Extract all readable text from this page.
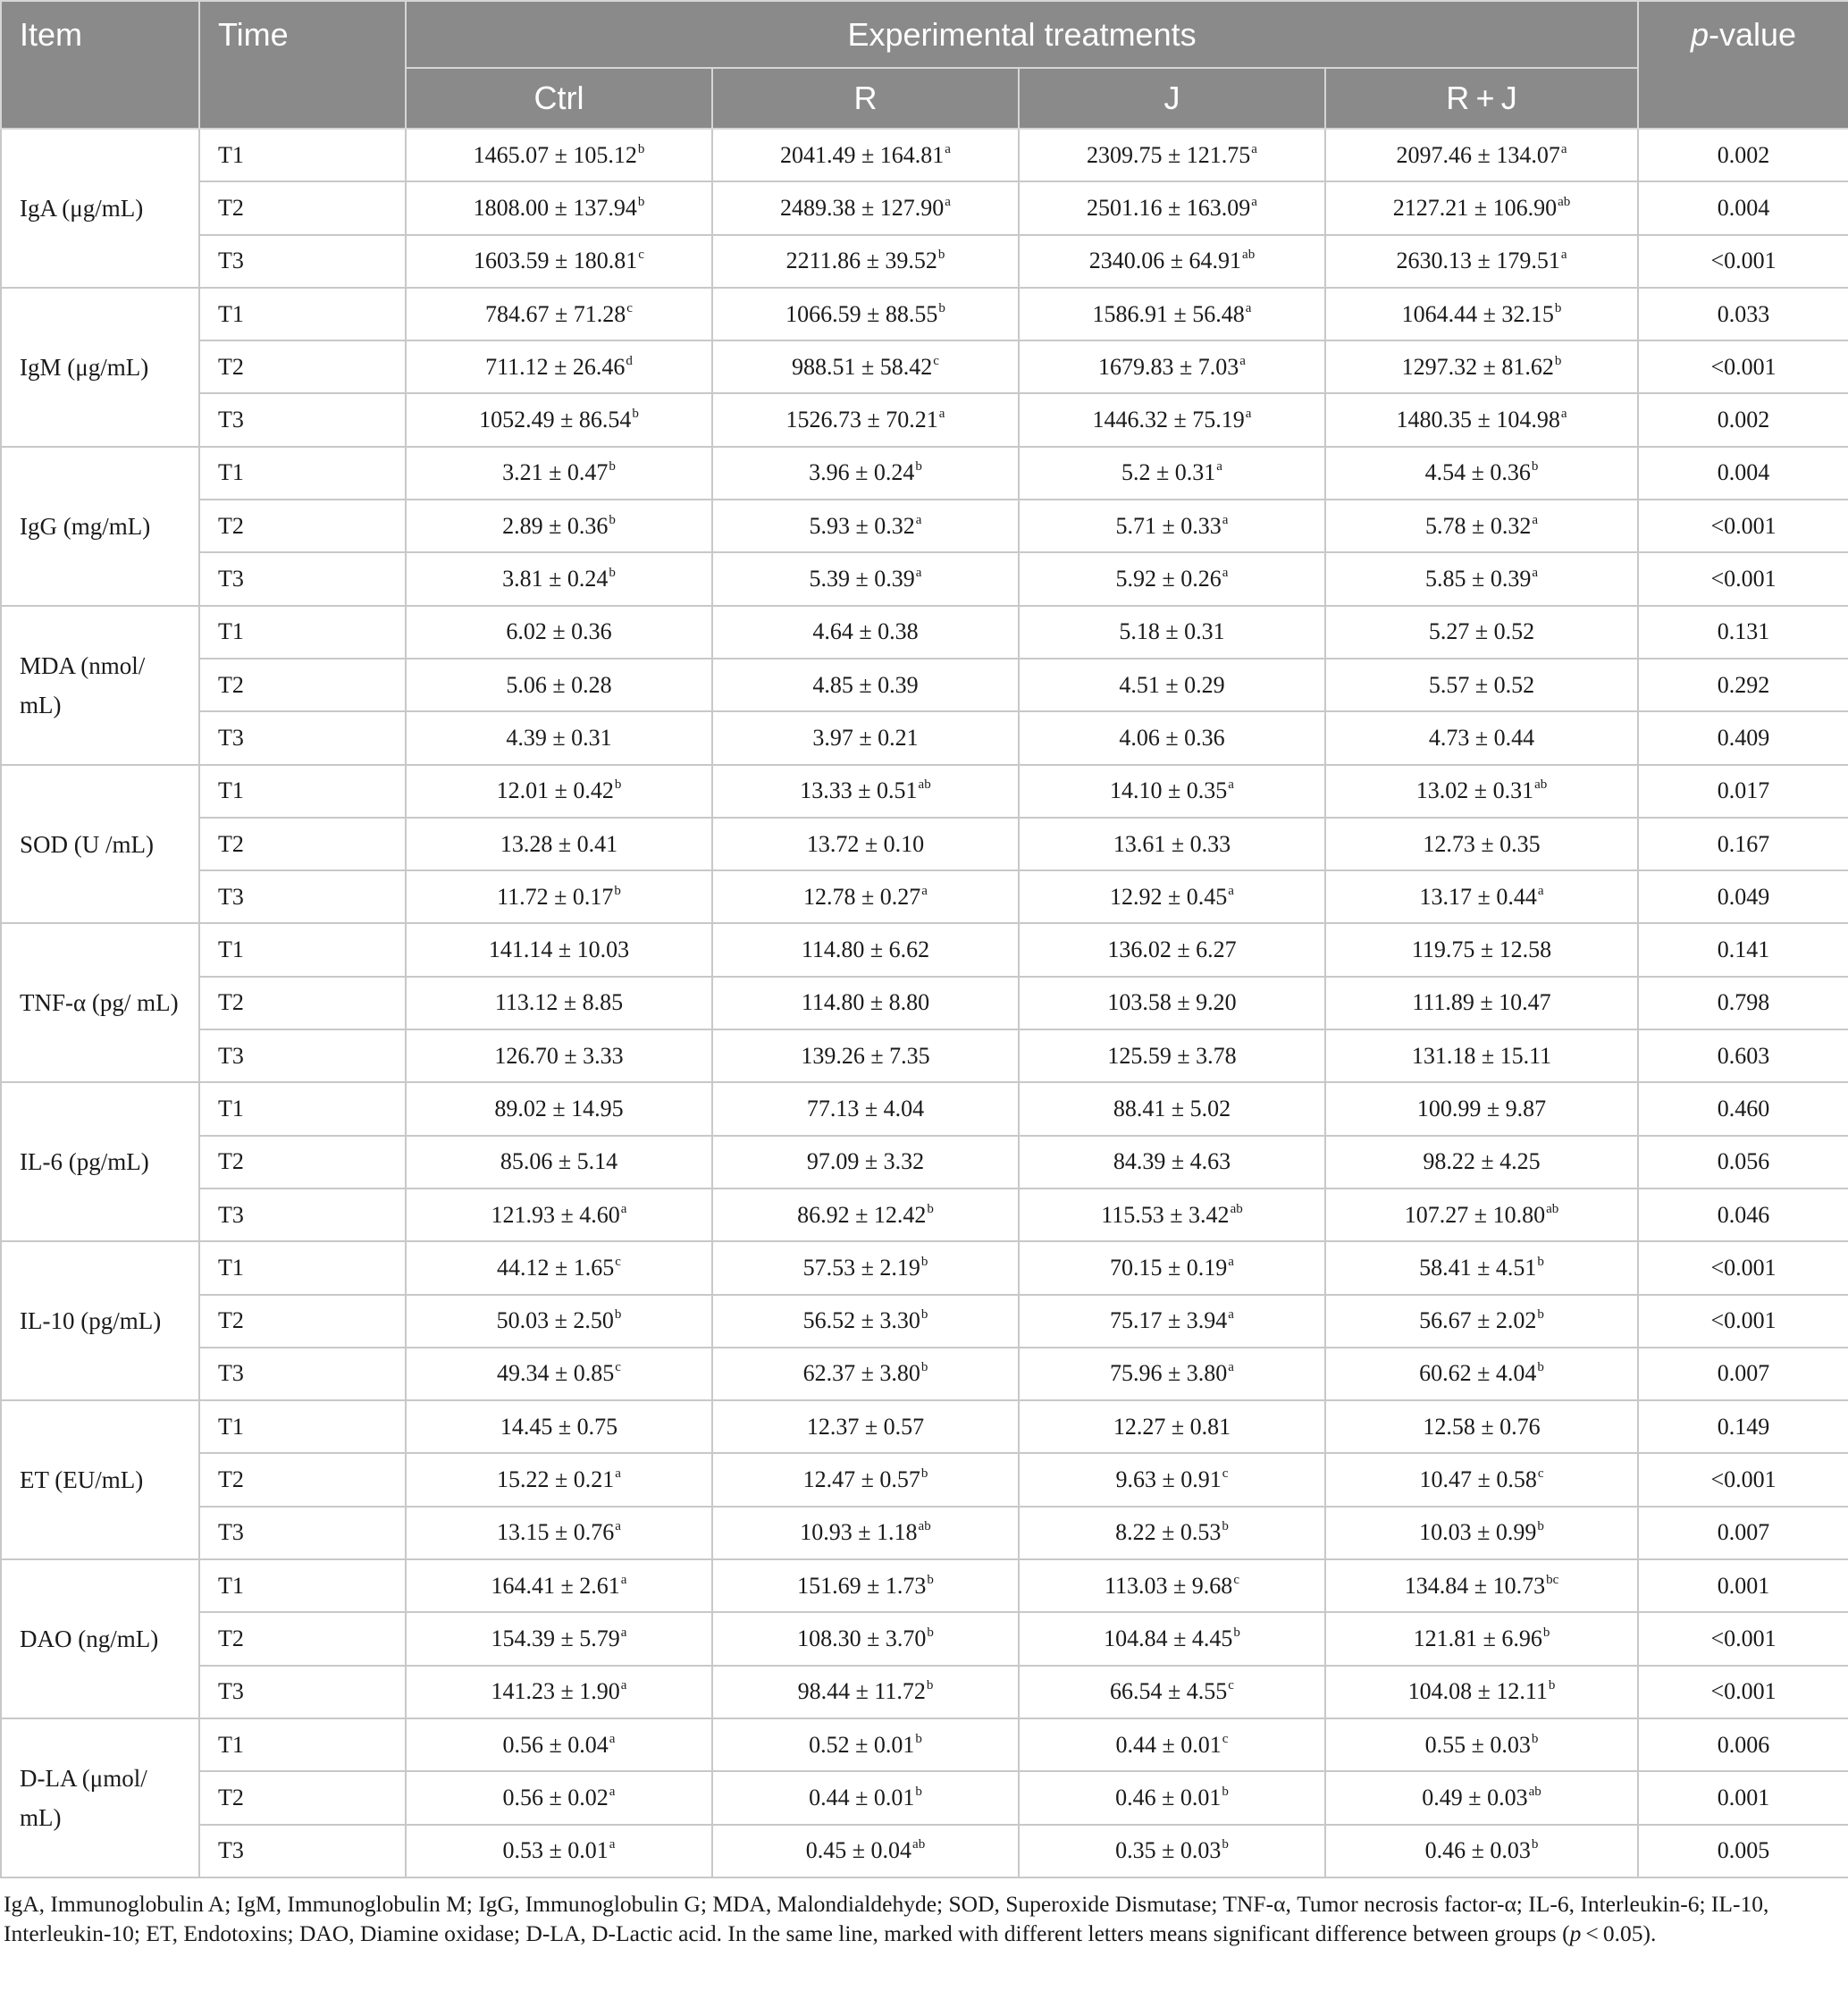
Item	Time	Experimental treatments				p-value
		Ctrl	R	J	R + J	
IgA (μg/mL)	T1	1465.07 ± 105.12$^b$	2041.49 ± 164.81$^a$	2309.75 ± 121.75$^a$	2097.46 ± 134.07$^a$	0.002
	T2	1808.00 ± 137.94$^b$	2489.38 ± 127.90$^a$	2501.16 ± 163.09$^a$	2127.21 ± 106.90$^{ab}$	0.004
	T3	1603.59 ± 180.81$^c$	2211.86 ± 39.52$^b$	2340.06 ± 64.91$^{ab}$	2630.13 ± 179.51$^a$	<0.001
IgM (μg/mL)	T1	784.67 ± 71.28$^c$	1066.59 ± 88.55$^b$	1586.91 ± 56.48$^a$	1064.44 ± 32.15$^b$	0.033
	T2	711.12 ± 26.46$^d$	988.51 ± 58.42$^c$	1679.83 ± 7.03$^a$	1297.32 ± 81.62$^b$	<0.001
	T3	1052.49 ± 86.54$^b$	1526.73 ± 70.21$^a$	1446.32 ± 75.19$^a$	1480.35 ± 104.98$^a$	0.002
IgG (mg/mL)	T1	3.21 ± 0.47$^b$	3.96 ± 0.24$^b$	5.2 ± 0.31$^a$	4.54 ± 0.36$^b$	0.004
	T2	2.89 ± 0.36$^b$	5.93 ± 0.32$^a$	5.71 ± 0.33$^a$	5.78 ± 0.32$^a$	<0.001
	T3	3.81 ± 0.24$^b$	5.39 ± 0.39$^a$	5.92 ± 0.26$^a$	5.85 ± 0.39$^a$	<0.001
MDA (nmol/ mL)	T1	6.02 ± 0.36	4.64 ± 0.38	5.18 ± 0.31	5.27 ± 0.52	0.131
	T2	5.06 ± 0.28	4.85 ± 0.39	4.51 ± 0.29	5.57 ± 0.52	0.292
	T3	4.39 ± 0.31	3.97 ± 0.21	4.06 ± 0.36	4.73 ± 0.44	0.409
SOD (U /mL)	T1	12.01 ± 0.42$^b$	13.33 ± 0.51$^{ab}$	14.10 ± 0.35$^a$	13.02 ± 0.31$^{ab}$	0.017
	T2	13.28 ± 0.41	13.72 ± 0.10	13.61 ± 0.33	12.73 ± 0.35	0.167
	T3	11.72 ± 0.17$^b$	12.78 ± 0.27$^a$	12.92 ± 0.45$^a$	13.17 ± 0.44$^a$	0.049
TNF-α (pg/ mL)	T1	141.14 ± 10.03	114.80 ± 6.62	136.02 ± 6.27	119.75 ± 12.58	0.141
	T2	113.12 ± 8.85	114.80 ± 8.80	103.58 ± 9.20	111.89 ± 10.47	0.798
	T3	126.70 ± 3.33	139.26 ± 7.35	125.59 ± 3.78	131.18 ± 15.11	0.603
IL-6 (pg/mL)	T1	89.02 ± 14.95	77.13 ± 4.04	88.41 ± 5.02	100.99 ± 9.87	0.460
	T2	85.06 ± 5.14	97.09 ± 3.32	84.39 ± 4.63	98.22 ± 4.25	0.056
	T3	121.93 ± 4.60$^a$	86.92 ± 12.42$^b$	115.53 ± 3.42$^{ab}$	107.27 ± 10.80$^{ab}$	0.046
IL-10 (pg/mL)	T1	44.12 ± 1.65$^c$	57.53 ± 2.19$^b$	70.15 ± 0.19$^a$	58.41 ± 4.51$^b$	<0.001
	T2	50.03 ± 2.50$^b$	56.52 ± 3.30$^b$	75.17 ± 3.94$^a$	56.67 ± 2.02$^b$	<0.001
	T3	49.34 ± 0.85$^c$	62.37 ± 3.80$^b$	75.96 ± 3.80$^a$	60.62 ± 4.04$^b$	0.007
ET (EU/mL)	T1	14.45 ± 0.75	12.37 ± 0.57	12.27 ± 0.81	12.58 ± 0.76	0.149
	T2	15.22 ± 0.21$^a$	12.47 ± 0.57$^b$	9.63 ± 0.91$^c$	10.47 ± 0.58$^c$	<0.001
	T3	13.15 ± 0.76$^a$	10.93 ± 1.18$^{ab}$	8.22 ± 0.53$^b$	10.03 ± 0.99$^b$	0.007
DAO (ng/mL)	T1	164.41 ± 2.61$^a$	151.69 ± 1.73$^b$	113.03 ± 9.68$^c$	134.84 ± 10.73$^{bc}$	0.001
	T2	154.39 ± 5.79$^a$	108.30 ± 3.70$^b$	104.84 ± 4.45$^b$	121.81 ± 6.96$^b$	<0.001
	T3	141.23 ± 1.90$^a$	98.44 ± 11.72$^b$	66.54 ± 4.55$^c$	104.08 ± 12.11$^b$	<0.001
D-LA (μmol/ mL)	T1	0.56 ± 0.04$^a$	0.52 ± 0.01$^b$	0.44 ± 0.01$^c$	0.55 ± 0.03$^b$	0.006
	T2	0.56 ± 0.02$^a$	0.44 ± 0.01$^b$	0.46 ± 0.01$^b$	0.49 ± 0.03$^{ab}$	0.001
	T3	0.53 ± 0.01$^a$	0.45 ± 0.04$^{ab}$	0.35 ± 0.03$^b$	0.46 ± 0.03$^b$	0.005
IgA, Immunoglobulin A; IgM, Immunoglobulin M; IgG, Immunoglobulin G; MDA, Malondialdehyde; SOD, Superoxide Dismutase; TNF-α, Tumor necrosis factor-α; IL-6, Interleukin-6; IL-10, Interleukin-10; ET, Endotoxins; DAO, Diamine oxidase; D-LA, D-Lactic acid. In the same line, marked with different letters means significant difference between groups (p < 0.05).
